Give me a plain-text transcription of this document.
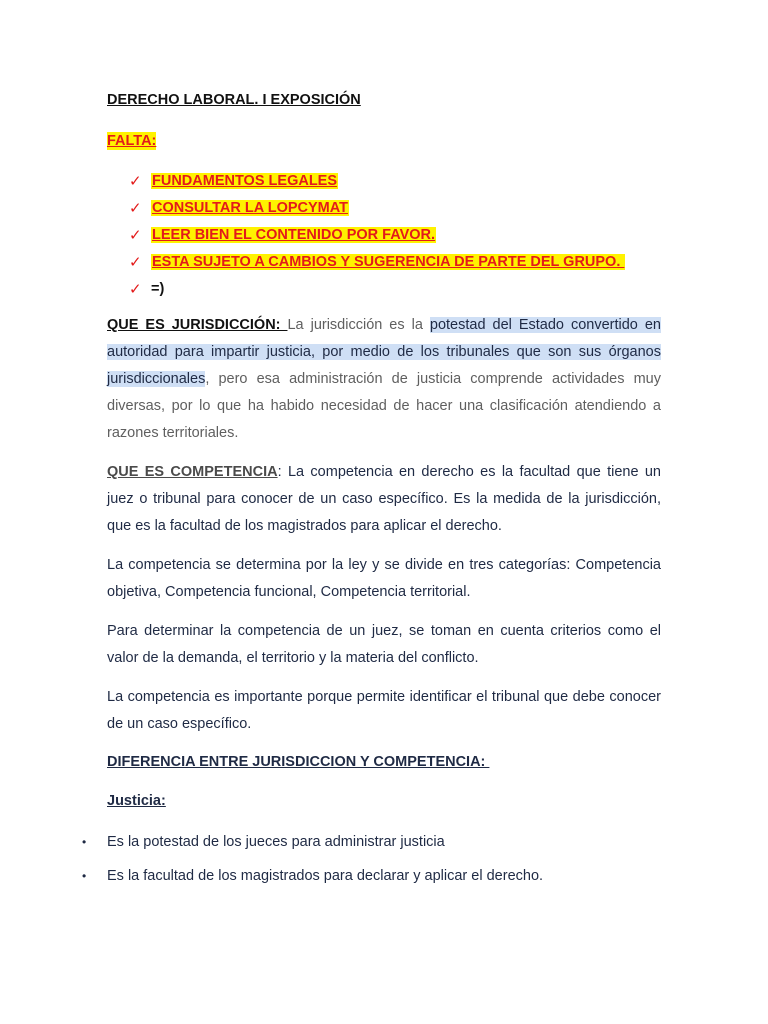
DERECHO LABORAL. I EXPOSICIÓN
FALTA:
✓ FUNDAMENTOS LEGALES
✓ CONSULTAR LA LOPCYMAT
✓ LEER BIEN EL CONTENIDO POR FAVOR.
✓ ESTA SUJETO A CAMBIOS Y SUGERENCIA DE PARTE DEL GRUPO.
✓ =)

QUE ES JURISDICCIÓN: La jurisdicción es la potestad del Estado convertido en autoridad para impartir justicia, por medio de los tribunales que son sus órganos jurisdiccionales, pero esa administración de justicia comprende actividades muy diversas, por lo que ha habido necesidad de hacer una clasificación atendiendo a razones territoriales.

QUE ES COMPETENCIA: La competencia en derecho es la facultad que tiene un juez o tribunal para conocer de un caso específico. Es la medida de la jurisdicción, que es la facultad de los magistrados para aplicar el derecho.

La competencia se determina por la ley y se divide en tres categorías: Competencia objetiva, Competencia funcional, Competencia territorial.

Para determinar la competencia de un juez, se toman en cuenta criterios como el valor de la demanda, el territorio y la materia del conflicto.

La competencia es importante porque permite identificar el tribunal que debe conocer de un caso específico.

DIFERENCIA ENTRE JURISDICCION Y COMPETENCIA:
Justicia:
•	Es la potestad de los jueces para administrar justicia
•	Es la facultad de los magistrados para declarar y aplicar el derecho.
